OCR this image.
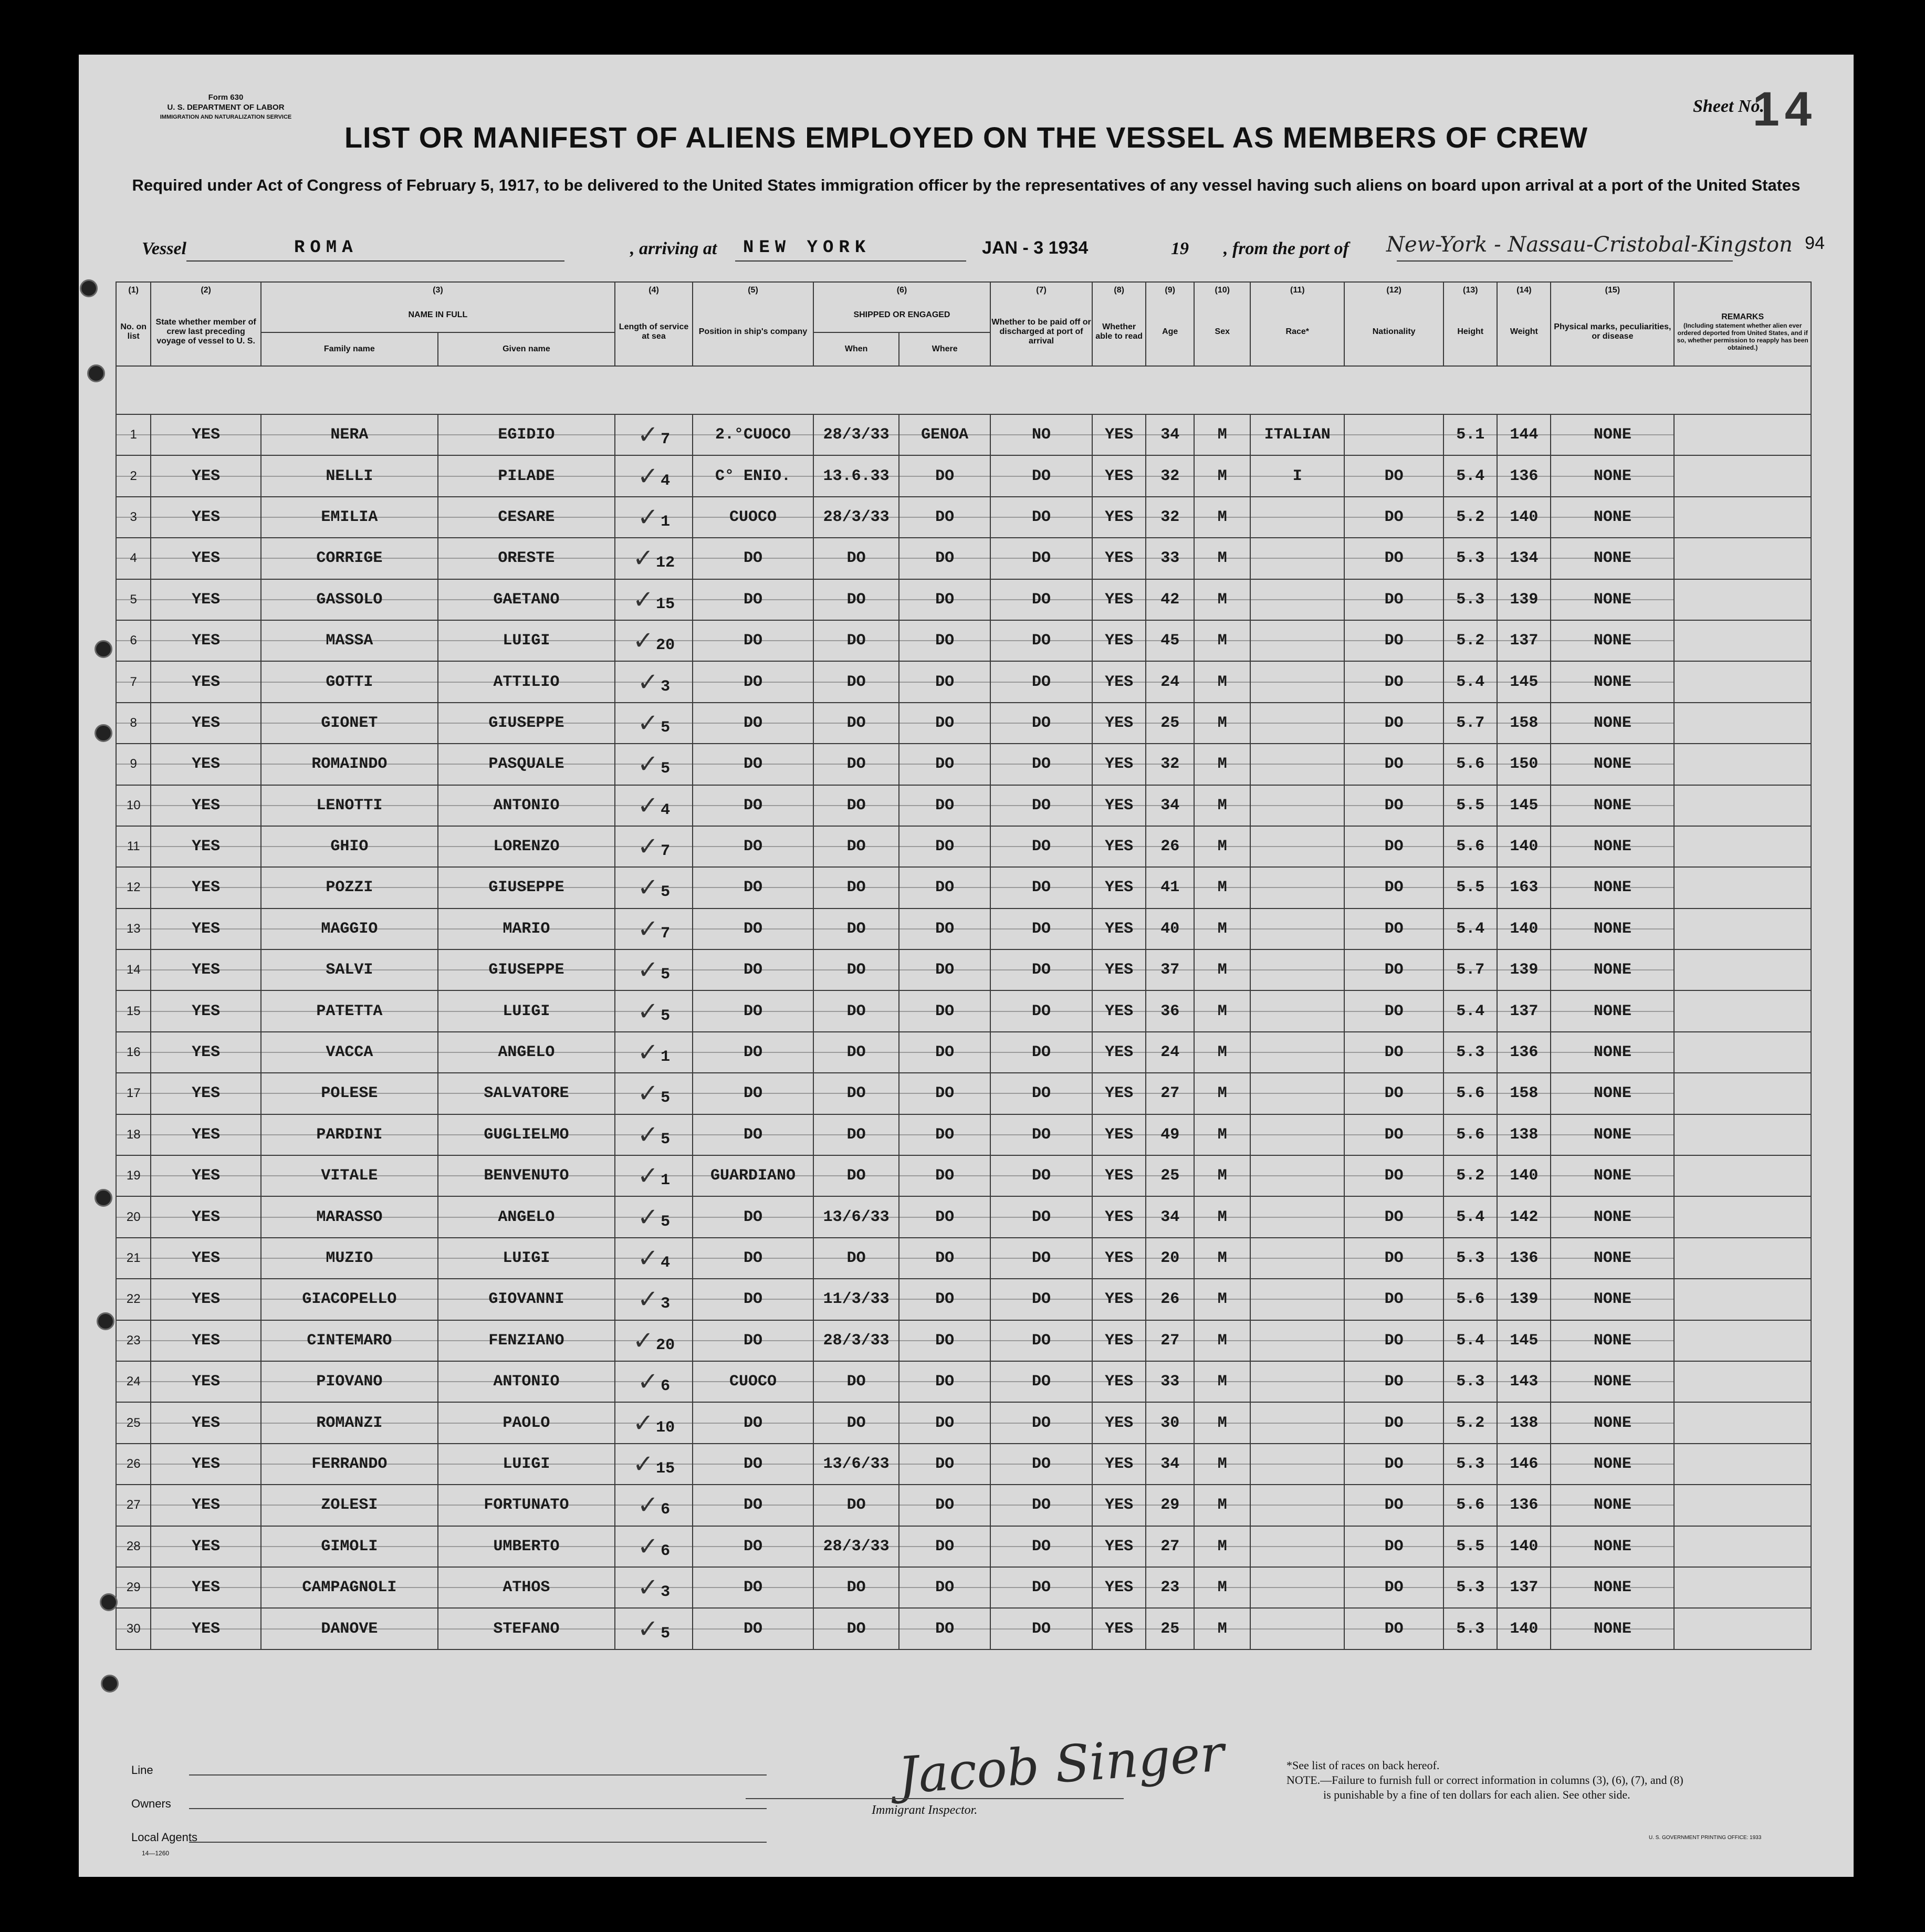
Form 630
U. S. DEPARTMENT OF LABOR
IMMIGRATION AND NATURALIZATION SERVICE
Sheet No.
14
LIST OR MANIFEST OF ALIENS EMPLOYED ON THE VESSEL AS MEMBERS OF CREW
Required under Act of Congress of February 5, 1917, to be delivered to the United States immigration officer by the representatives of any vessel having such aliens on board upon arrival at a port of the United States
94
Vessel	ROMA	, arriving at NEW YORK	JAN - 3 1934	19 , from the port of New-York - Nassau-Cristobal-Kingston
(1)	(2)	(3)		(4)	(5)	(6)		(7)	(8)	(9)	(10)	(11)	(12)	(13)	(14)	(15)	
No. on list	State whether member of crew last preceding voyage of vessel to U. S.	NAME IN FULL		Length of service at sea	Position in ship's company	SHIPPED OR ENGAGED		Whether to be paid off or discharged at port of arrival	Whether able to read	Age	Sex	Race*	Nationality	Height	Weight	Physical marks, peculiarities, or disease	REMARKS
(Including statement whether alien ever ordered deported from United States, and if so, whether permission to reapply has been obtained.)

		Family name	Given name			When	Where										

1	YES	NERA	EGIDIO	✓ 7	2.°CUOCO	28/3/33	GENOA	NO	YES	34	M	ITALIAN		5.1	144	NONE	
2	YES	NELLI	PILADE	✓ 4	C° ENIO.	13.6.33	DO	DO	YES	32	M	I	DO	5.4	136	NONE	
3	YES	EMILIA	CESARE	✓ 1	CUOCO	28/3/33	DO	DO	YES	32	M		DO	5.2	140	NONE	
4	YES	CORRIGE	ORESTE	✓ 12	DO	DO	DO	DO	YES	33	M		DO	5.3	134	NONE	
5	YES	GASSOLO	GAETANO	✓ 15	DO	DO	DO	DO	YES	42	M		DO	5.3	139	NONE	
6	YES	MASSA	LUIGI	✓ 20	DO	DO	DO	DO	YES	45	M		DO	5.2	137	NONE	
7	YES	GOTTI	ATTILIO	✓ 3	DO	DO	DO	DO	YES	24	M		DO	5.4	145	NONE	
8	YES	GIONET	GIUSEPPE	✓ 5	DO	DO	DO	DO	YES	25	M		DO	5.7	158	NONE	
9	YES	ROMAINDO	PASQUALE	✓ 5	DO	DO	DO	DO	YES	32	M		DO	5.6	150	NONE	
10	YES	LENOTTI	ANTONIO	✓ 4	DO	DO	DO	DO	YES	34	M		DO	5.5	145	NONE	
11	YES	GHIO	LORENZO	✓ 7	DO	DO	DO	DO	YES	26	M		DO	5.6	140	NONE	
12	YES	POZZI	GIUSEPPE	✓ 5	DO	DO	DO	DO	YES	41	M		DO	5.5	163	NONE	
13	YES	MAGGIO	MARIO	✓ 7	DO	DO	DO	DO	YES	40	M		DO	5.4	140	NONE	
14	YES	SALVI	GIUSEPPE	✓ 5	DO	DO	DO	DO	YES	37	M		DO	5.7	139	NONE	
15	YES	PATETTA	LUIGI	✓ 5	DO	DO	DO	DO	YES	36	M		DO	5.4	137	NONE	
16	YES	VACCA	ANGELO	✓ 1	DO	DO	DO	DO	YES	24	M		DO	5.3	136	NONE	
17	YES	POLESE	SALVATORE	✓ 5	DO	DO	DO	DO	YES	27	M		DO	5.6	158	NONE	
18	YES	PARDINI	GUGLIELMO	✓ 5	DO	DO	DO	DO	YES	49	M		DO	5.6	138	NONE	
19	YES	VITALE	BENVENUTO	✓ 1	GUARDIANO	DO	DO	DO	YES	25	M		DO	5.2	140	NONE	
20	YES	MARASSO	ANGELO	✓ 5	DO	13/6/33	DO	DO	YES	34	M		DO	5.4	142	NONE	
21	YES	MUZIO	LUIGI	✓ 4	DO	DO	DO	DO	YES	20	M		DO	5.3	136	NONE	
22	YES	GIACOPELLO	GIOVANNI	✓ 3	DO	11/3/33	DO	DO	YES	26	M		DO	5.6	139	NONE	
23	YES	CINTEMARO	FENZIANO	✓ 20	DO	28/3/33	DO	DO	YES	27	M		DO	5.4	145	NONE	
24	YES	PIOVANO	ANTONIO	✓ 6	CUOCO	DO	DO	DO	YES	33	M		DO	5.3	143	NONE	
25	YES	ROMANZI	PAOLO	✓ 10	DO	DO	DO	DO	YES	30	M		DO	5.2	138	NONE	
26	YES	FERRANDO	LUIGI	✓ 15	DO	13/6/33	DO	DO	YES	34	M		DO	5.3	146	NONE	
27	YES	ZOLESI	FORTUNATO	✓ 6	DO	DO	DO	DO	YES	29	M		DO	5.6	136	NONE	
28	YES	GIMOLI	UMBERTO	✓ 6	DO	28/3/33	DO	DO	YES	27	M		DO	5.5	140	NONE	
29	YES	CAMPAGNOLI	ATHOS	✓ 3	DO	DO	DO	DO	YES	23	M		DO	5.3	137	NONE	
30	YES	DANOVE	STEFANO	✓ 5	DO	DO	DO	DO	YES	25	M		DO	5.3	140	NONE	
Line
Owners
Local Agents
14—1260
Jacob Singer
Immigrant Inspector.
*See list of races on back hereof.
NOTE.—Failure to furnish full or correct information in columns (3), (6), (7), and (8)
is punishable by a fine of ten dollars for each alien. See other side.
U. S. GOVERNMENT PRINTING OFFICE: 1933
